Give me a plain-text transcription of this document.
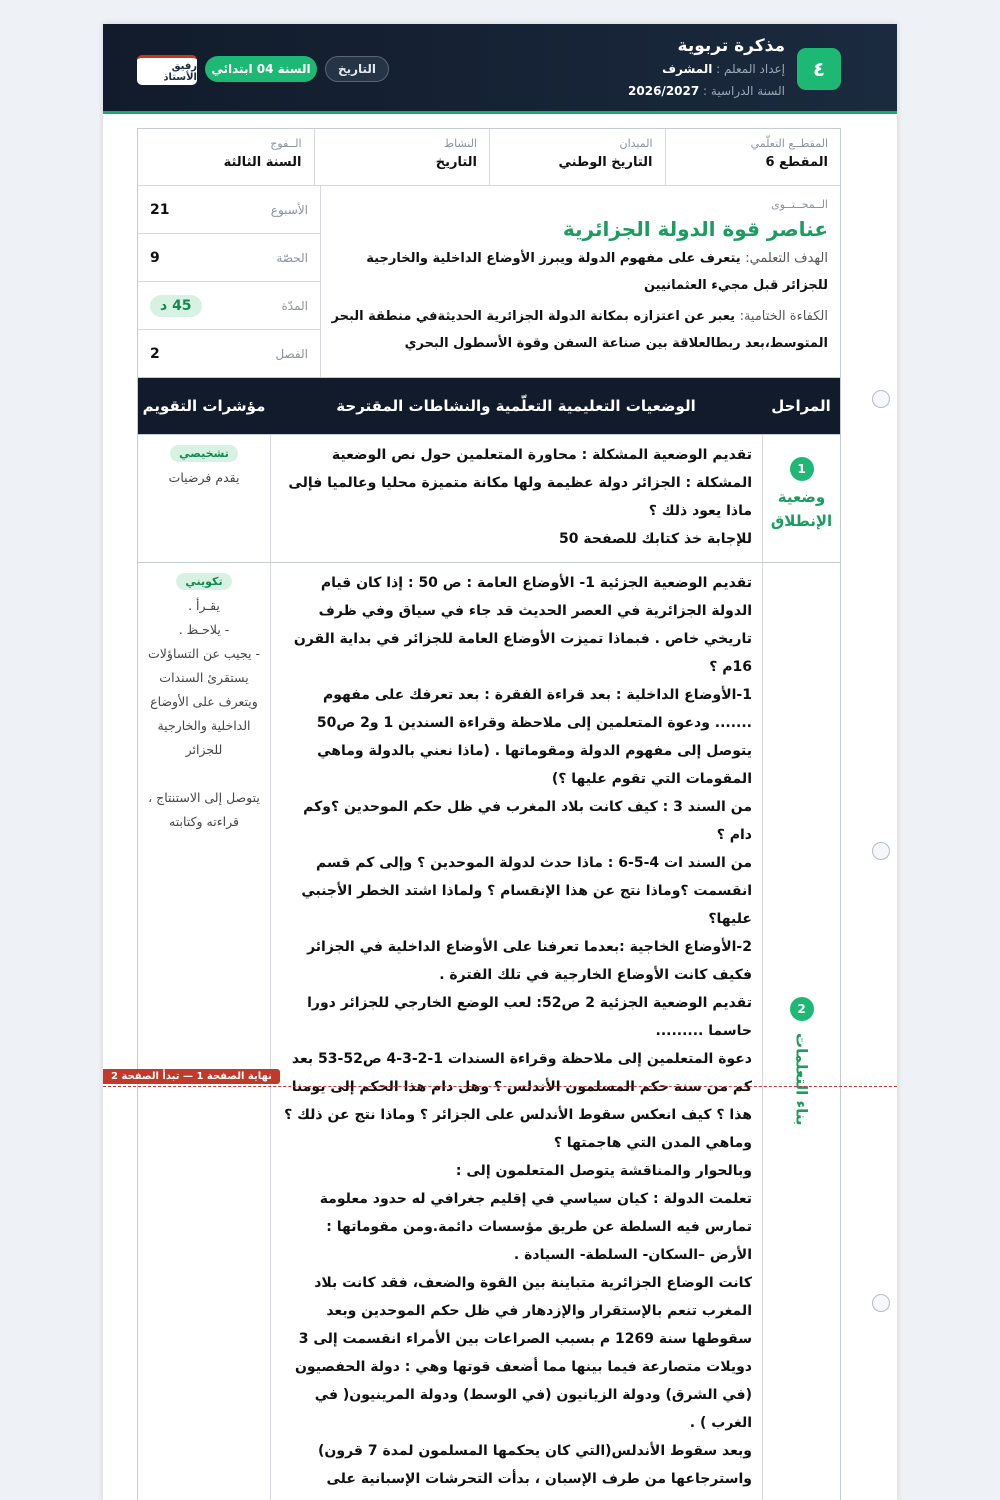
٤
مذكرة تربوية
إعداد المعلم : المشرف
السنة الدراسية : 2026/2027
التاريخ
السنة 04 ابتدائي
رفيق الأستاذ
المقطــع التعلّمي
المقطع 6
الميدان
التاريخ الوطني
النشاط
التاريخ
الــفوج
السنة الثالثة
الــمحــتــوى
عناصر قوة الدولة الجزائرية
الهدف التعلمي: يتعرف على مفهوم الدولة ويبرز الأوضاع الداخلية والخارجية للجزائر قبل مجيء العثمانيين
الكفاءة الختامية: يعبر عن اعتزازه بمكانة الدولة الجزائرية الحديثةفي منطقة البحر المتوسط،بعد ربطالعلاقة بين صناعة السفن وقوة الأسطول البحري
الأسبوع
21
الحصّة
9
المدّة
45 د
الفصل
2
المراحل
الوضعيات التعليمية التعلّمية والنشاطات المقترحة
مؤشرات التقويم
1
وضعية الإنطلاق
تقديم الوضعية المشكلة : محاورة المتعلمين حول نص الوضعية المشكلة : الجزائر دولة عظيمة ولها مكانة متميزة محليا وعالميا فإلى ماذا يعود ذلك ؟
للإجابة خذ كتابك للصفحة 50
تشخيصي
يقدم فرضيات
2
بناء التعلمات
تقديم الوضعية الجزئية 1- الأوضاع العامة : ص 50 : إذا كان قيام الدولة الجزائرية في العصر الحديث قد جاء في سياق وفي ظرف تاريخي خاص . فبماذا تميزت الأوضاع العامة للجزائر في بداية القرن 16م ؟
1-الأوضاع الداخلية : بعد قراءة الفقرة : بعد تعرفك على مفهوم ....... ودعوة المتعلمين إلى ملاحظة وقراءة السندين 1 و2 ص50 يتوصل إلى مفهوم الدولة ومقوماتها . (ماذا نعني بالدولة وماهي المقومات التي تقوم عليها ؟)
من السند 3 : كيف كانت بلاد المغرب في ظل حكم الموحدين ؟وكم دام ؟
من السند ات 4-5-6 : ماذا حدث لدولة الموحدين ؟ وإلى كم قسم انقسمت ؟وماذا نتج عن هذا الإنقسام ؟ ولماذا اشتد الخطر الأجنبي عليها؟
2-الأوضاع الخاجية :بعدما تعرفنا على الأوضاع الداخلية في الجزائر فكيف كانت الأوضاع الخارجية في تلك الفترة .
تقديم الوضعية الجزئية 2 ص52: لعب الوضع الخارجي للجزائر دورا حاسما .........
دعوة المتعلمين إلى ملاحظة وقراءة السندات 1-2-3-4 ص52-53 بعد كم من سنة حكم المسلمون الأندلس ؟ وهل دام هذا الحكم إلى يومنا هذا ؟ كيف انعكس سقوط الأندلس على الجزائر ؟ وماذا نتج عن ذلك ؟ وماهي المدن التي هاجمتها ؟
وبالحوار والمناقشة يتوصل المتعلمون إلى :
تعلمت الدولة : كيان سياسي في إقليم جغرافي له حدود معلومة تمارس فيه السلطة عن طريق مؤسسات دائمة.ومن مقوماتها : الأرض –السكان- السلطة- السيادة .
كانت الوضاع الجزائرية متباينة بين القوة والضعف، فقد كانت بلاد المغرب تنعم بالإستقرار والإزدهار في ظل حكم الموحدين وبعد سقوطها سنة 1269 م بسبب الصراعات بين الأمراء انقسمت إلى 3 دويلات متصارعة فيما بينها مما أضعف قوتها وهي : دولة الحفصيون (في الشرق) ودولة الزيانيون (في الوسط) ودولة المرينيون( في الغرب ) .
وبعد سقوط الأندلس(التي كان يحكمها المسلمون لمدة 7 قرون) واسترجاعها من طرف الإسبان ، بدأت التحرشات الإسبانية على
تكويني
يقـرأ .
- يلاحـظ .
- يجيب عن التساؤلات
يستقرئ السندات ويتعرف على الأوضاع الداخلية والخارجية للجزائر
يتوصل إلى الاستنتاج ، قراءته وكتابته
نهاية الصفحة 1 — تبدأ الصفحة 2
